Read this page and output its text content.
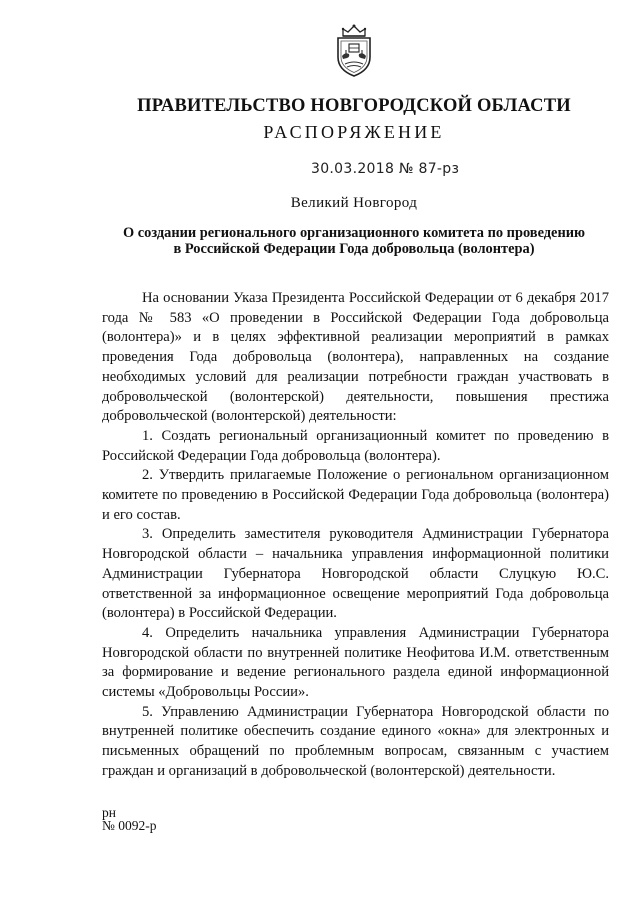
ПРАВИТЕЛЬСТВО НОВГОРОДСКОЙ ОБЛАСТИ
РАСПОРЯЖЕНИЕ
30.03.2018 № 87-рз
Великий Новгород
О создании регионального организационного комитета по проведению
в Российской Федерации Года добровольца (волонтера)

На основании Указа Президента Российской Федерации от 6 декабря 2017 года № 583 «О проведении в Российской Федерации Года добровольца (волонтера)» и в целях эффективной реализации мероприятий в рамках проведения Года добровольца (волонтера), направленных на создание необходимых условий для реализации потребности граждан участвовать в добровольческой (волонтерской) деятельности, повышения престижа добровольческой (волонтерской) деятельности:

1. Создать региональный организационный комитет по проведению в Российской Федерации Года добровольца (волонтера).

2. Утвердить прилагаемые Положение о региональном организационном комитете по проведению в Российской Федерации Года добровольца (волонтера) и его состав.

3. Определить заместителя руководителя Администрации Губернатора Новгородской области – начальника управления информационной политики Администрации Губернатора Новгородской области Слуцкую Ю.С. ответственной за информационное освещение мероприятий Года добровольца (волонтера) в Российской Федерации.

4. Определить начальника управления Администрации Губернатора Новгородской области по внутренней политике Неофитова И.М. ответственным за формирование и ведение регионального раздела единой информационной системы «Добровольцы России».

5. Управлению Администрации Губернатора Новгородской области по внутренней политике обеспечить создание единого «окна» для электронных и письменных обращений по проблемным вопросам, связанным с участием граждан и организаций в добровольческой (волонтерской) деятельности.

рн
№ 0092-р
